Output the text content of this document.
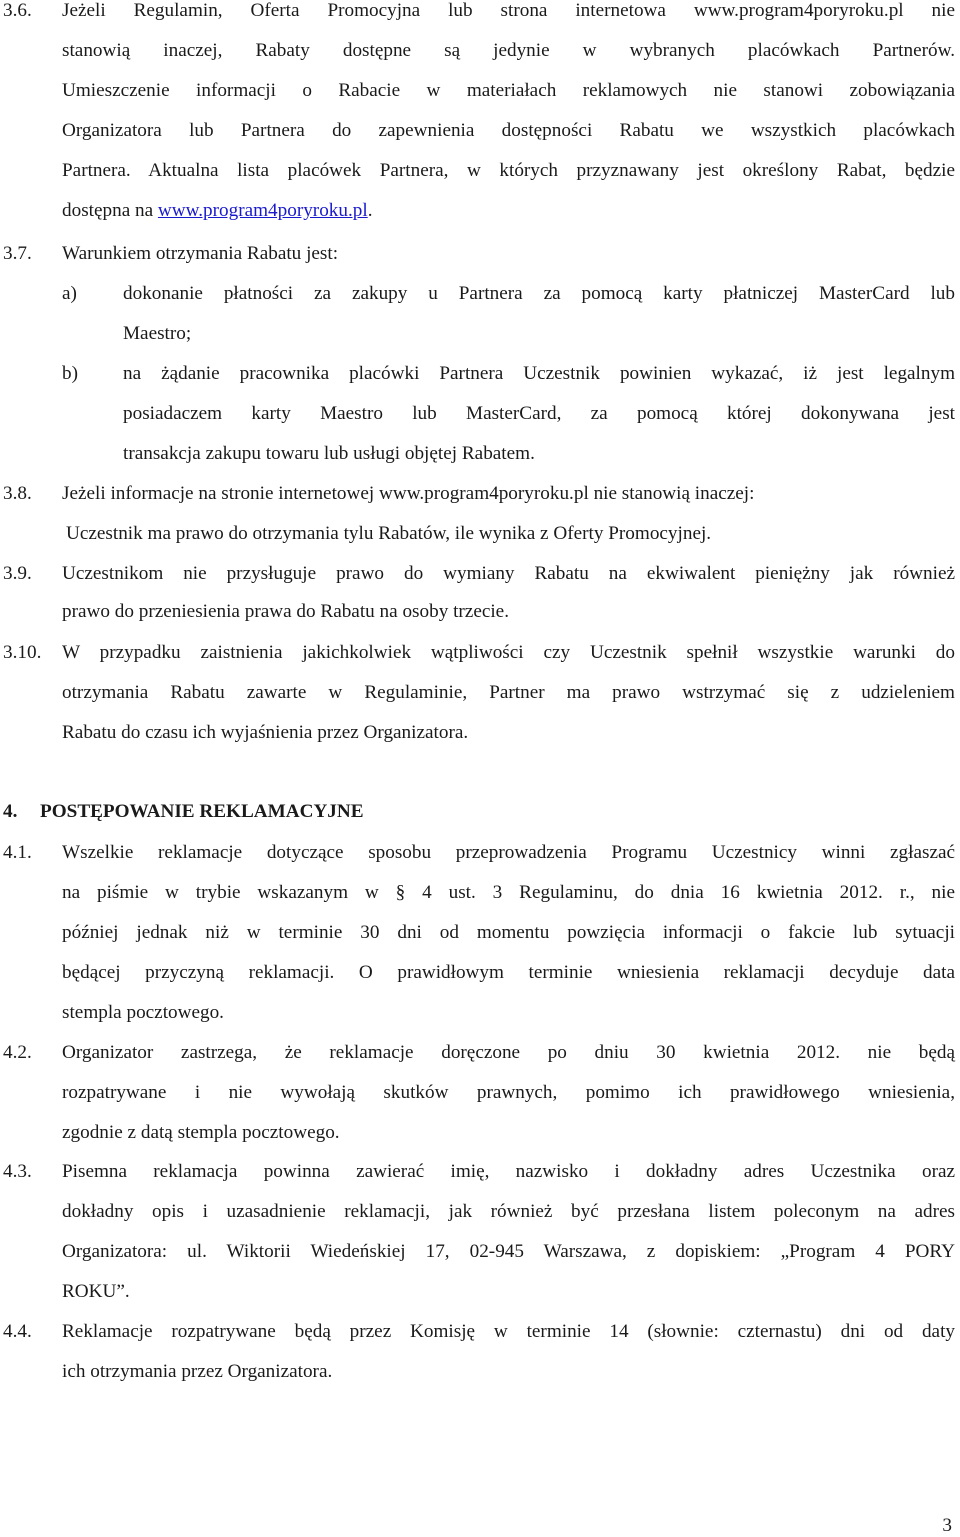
3.6. Jeżeli Regulamin, Oferta Promocyjna lub strona internetowa www.program4poryroku.pl nie
stanowią inaczej, Rabaty dostępne są jedynie w wybranych placówkach Partnerów.
Umieszczenie informacji o Rabacie w materiałach reklamowych nie stanowi zobowiązania
Organizatora lub Partnera do zapewnienia dostępności Rabatu we wszystkich placówkach
Partnera. Aktualna lista placówek Partnera, w których przyznawany jest określony Rabat, będzie
dostępna na www.program4poryroku.pl.
3.7. Warunkiem otrzymania Rabatu jest:
a) dokonanie płatności za zakupy u Partnera za pomocą karty płatniczej MasterCard lub
Maestro;
b) na żądanie pracownika placówki Partnera Uczestnik powinien wykazać, iż jest legalnym
posiadaczem karty Maestro lub MasterCard, za pomocą której dokonywana jest
transakcja zakupu towaru lub usługi objętej Rabatem.
3.8. Jeżeli informacje na stronie internetowej www.program4poryroku.pl nie stanowią inaczej:
Uczestnik ma prawo do otrzymania tylu Rabatów, ile wynika z Oferty Promocyjnej.
3.9. Uczestnikom nie przysługuje prawo do wymiany Rabatu na ekwiwalent pieniężny jak również
prawo do przeniesienia prawa do Rabatu na osoby trzecie.
3.10. W przypadku zaistnienia jakichkolwiek wątpliwości czy Uczestnik spełnił wszystkie warunki do
otrzymania Rabatu zawarte w Regulaminie, Partner ma prawo wstrzymać się z udzieleniem
Rabatu do czasu ich wyjaśnienia przez Organizatora.
4. POSTĘPOWANIE REKLAMACYJNE
4.1. Wszelkie reklamacje dotyczące sposobu przeprowadzenia Programu Uczestnicy winni zgłaszać
na piśmie w trybie wskazanym w § 4 ust. 3 Regulaminu, do dnia 16 kwietnia 2012. r., nie
później jednak niż w terminie 30 dni od momentu powzięcia informacji o fakcie lub sytuacji
będącej przyczyną reklamacji. O prawidłowym terminie wniesienia reklamacji decyduje data
stempla pocztowego.
4.2. Organizator zastrzega, że reklamacje doręczone po dniu 30 kwietnia 2012. nie będą
rozpatrywane i nie wywołają skutków prawnych, pomimo ich prawidłowego wniesienia,
zgodnie z datą stempla pocztowego.
4.3. Pisemna reklamacja powinna zawierać imię, nazwisko i dokładny adres Uczestnika oraz
dokładny opis i uzasadnienie reklamacji, jak również być przesłana listem poleconym na adres
Organizatora: ul. Wiktorii Wiedeńskiej 17, 02-945 Warszawa, z dopiskiem: „Program 4 PORY
ROKU”.
4.4. Reklamacje rozpatrywane będą przez Komisję w terminie 14 (słownie: czternastu) dni od daty
ich otrzymania przez Organizatora.
3
